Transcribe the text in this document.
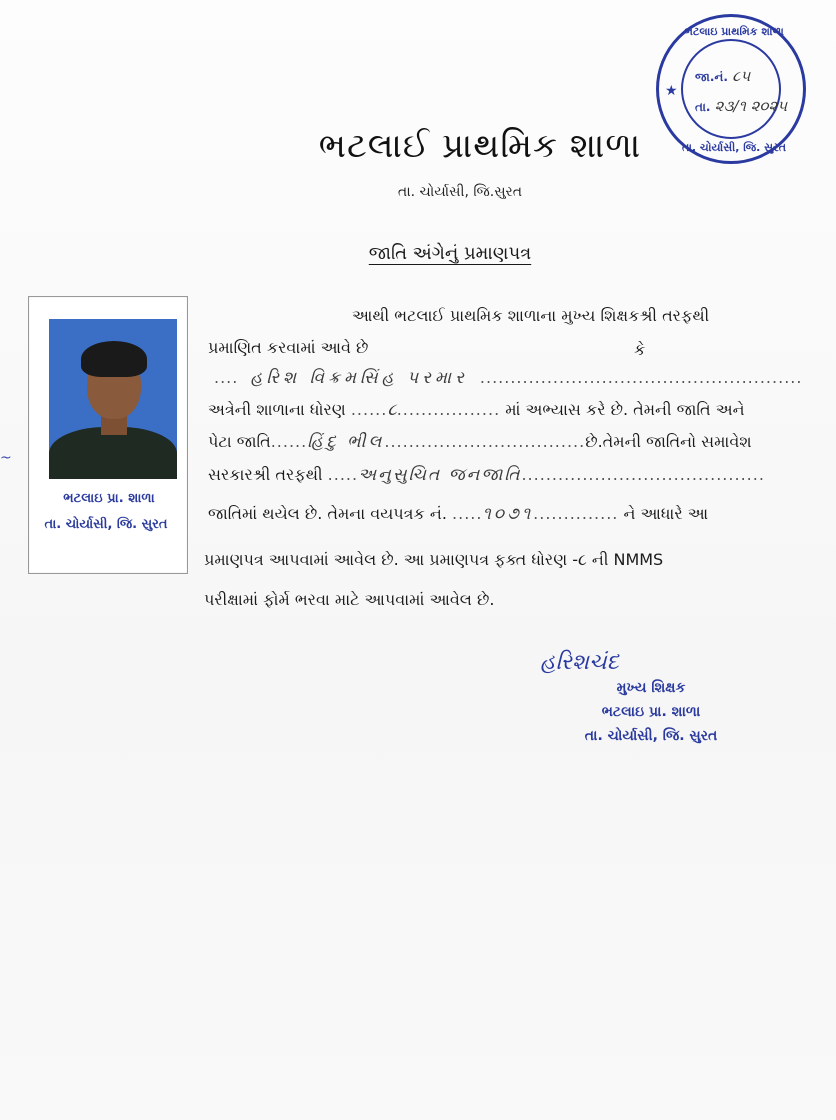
ભટલાઇ પ્રાથમિક શાળા
★
જા.નં. ૮૫
તા. ૨૩/૧ ૨૦૨૫
તા. ચોર્યાસી, જિ. સુરત
ભટલાઈ પ્રાથમિક શાળા
તા. ચોર્યાસી, જિ.સુરત
જાતિ અંગેનું પ્રમાણપત્ર
ભટલાઇ પ્રા. શાળા
તા. ચોર્યાસી, જિ. સુરત
~
આથી ભટલાઈ પ્રાથમિક શાળાના મુખ્ય શિક્ષકશ્રી તરફથી
પ્રમાણિત કરવામાં આવે છે	કે
.... હરિશ વિક્રમસિંહ પરમાર .....................................................
અત્રેની શાળાના ધોરણ ......૮................. માં અભ્યાસ કરે છે. તેમની જાતિ અને
પેટા જાતિ......હિંદુ ભીલ.................................છે.તેમની જાતિનો સમાવેશ
સરકારશ્રી તરફથી .....અનુસુચિત જનજાતિ........................................
જાતિમાં થયેલ છે. તેમના વયપત્રક નં. .....૧૦૭૧.............. ને આધારે આ
પ્રમાણપત્ર આપવામાં આવેલ છે. આ પ્રમાણપત્ર ફક્ત ધોરણ -૮ ની NMMS
પરીક્ષામાં ફોર્મ ભરવા માટે આપવામાં આવેલ છે.
હરિશચંદ
મુખ્ય શિક્ષક
ભટલાઇ પ્રા. શાળા
તા. ચોર્યાસી, જિ. સુરત
